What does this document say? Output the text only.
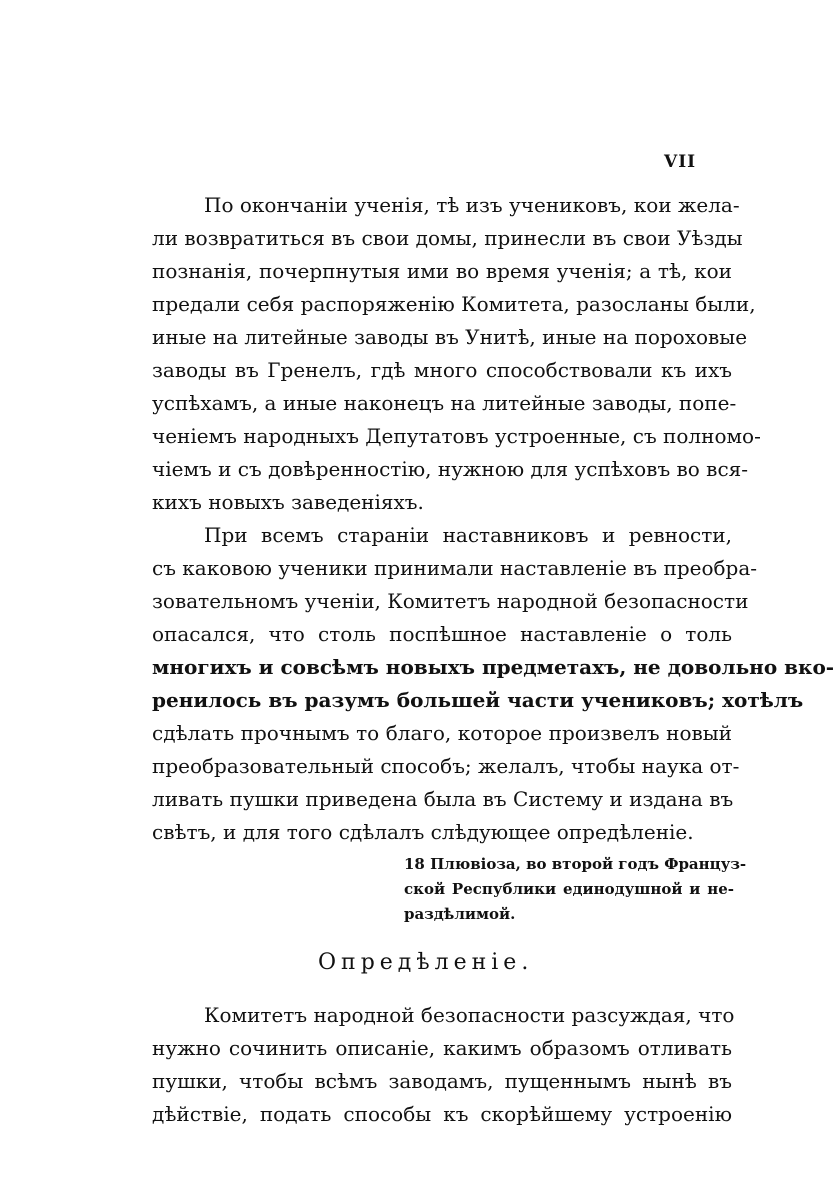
VII
По окончаніи ученія, тѣ изъ учениковъ, кои жела-
ли возвратиться въ свои домы, принесли въ свои Уѣзды
познанія, почерпнутыя ими во время ученія; а тѣ, кои
предали себя распоряженію Комитета, разосланы были,
иные на литейные заводы въ Унитѣ, иные на пороховые
заводы въ Гренелъ, гдѣ много способствовали къ ихъ
успѣхамъ, а иные наконецъ на литейные заводы, попе-
ченіемъ народныхъ Депутатовъ устроенные, съ полномо-
чіемъ и съ довѣренностію, нужною для успѣховъ во вся-
кихъ новыхъ заведеніяхъ.
При всемъ стараніи наставниковъ и ревности,
съ каковою ученики принимали наставленіе въ преобра-
зовательномъ ученіи, Комитетъ народной безопасности
опасался, что столь поспѣшное наставленіе о толь
многихъ и совсѣмъ новыхъ предметахъ, не довольно вко-
ренилось въ разумъ большей части учениковъ; хотѣлъ
сдѣлать прочнымъ то благо, которое произвелъ новый
преобразовательный способъ; желалъ, чтобы наука от-
ливать пушки приведена была въ Систему и издана въ
свѣтъ, и для того сдѣлалъ слѣдующее опредѣленіе.
18 Плювіоза, во второй годъ Француз-
ской Республики единодушной и не-
раздѣлимой.
Опредѣленіе.
Комитетъ народной безопасности разсуждая, что
нужно сочинить описаніе, какимъ образомъ отливать
пушки, чтобы всѣмъ заводамъ, пущеннымъ нынѣ въ
дѣйствіе, подать способы къ скорѣйшему устроенію
